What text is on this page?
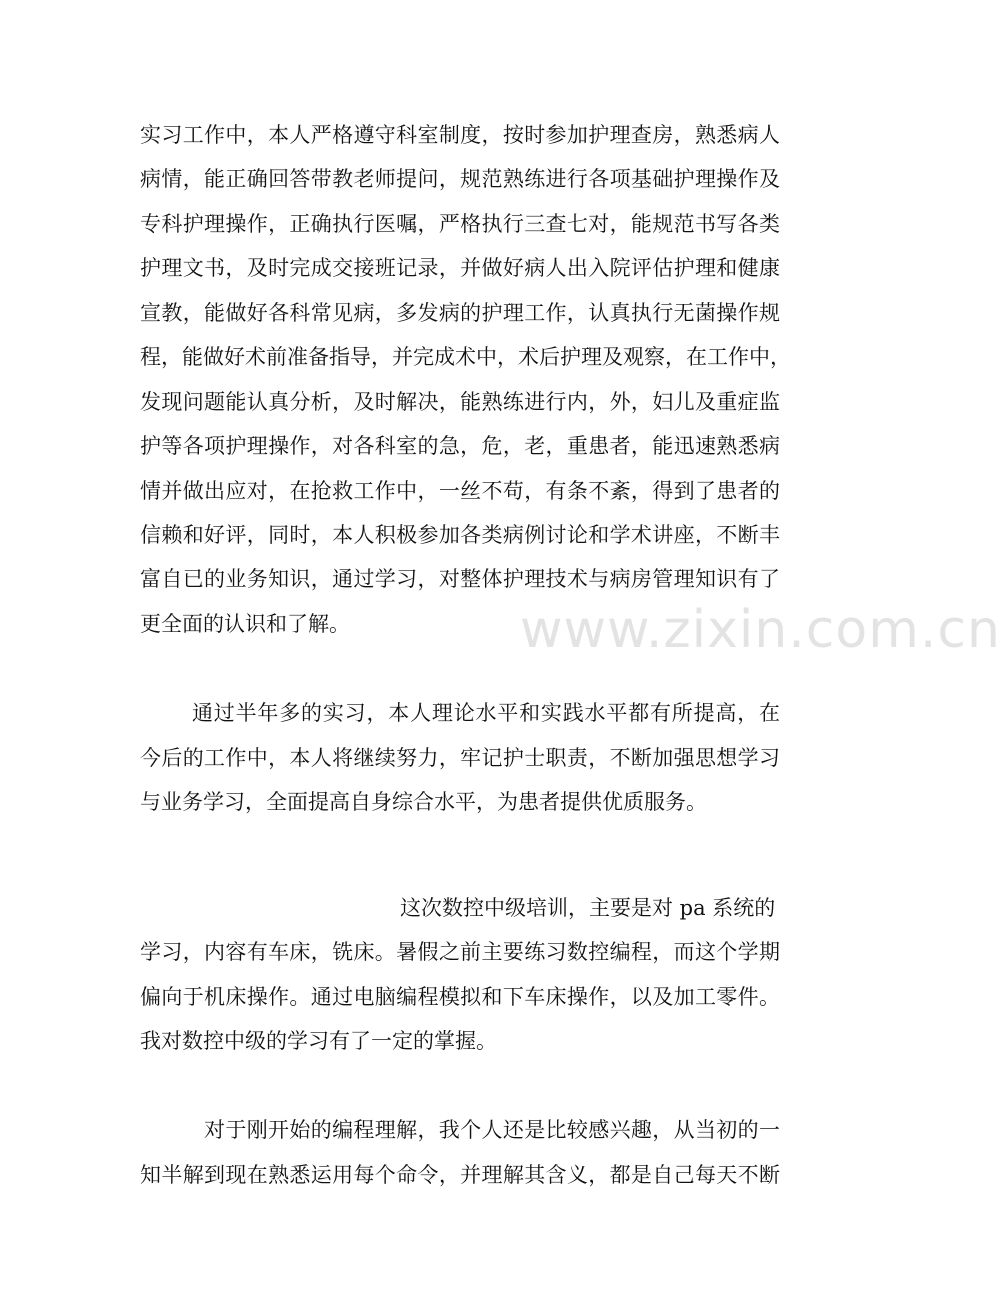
www.zixin.com.cn
实习工作中，本人严格遵守科室制度，按时参加护理查房，熟悉病人
病情，能正确回答带教老师提问，规范熟练进行各项基础护理操作及
专科护理操作，正确执行医嘱，严格执行三查七对，能规范书写各类
护理文书，及时完成交接班记录，并做好病人出入院评估护理和健康
宣教，能做好各科常见病，多发病的护理工作，认真执行无菌操作规
程，能做好术前准备指导，并完成术中，术后护理及观察，在工作中，
发现问题能认真分析，及时解决，能熟练进行内，外，妇儿及重症监
护等各项护理操作，对各科室的急，危，老，重患者，能迅速熟悉病
情并做出应对，在抢救工作中，一丝不苟，有条不紊，得到了患者的
信赖和好评，同时，本人积极参加各类病例讨论和学术讲座，不断丰
富自已的业务知识，通过学习，对整体护理技术与病房管理知识有了
更全面的认识和了解。
通过半年多的实习，本人理论水平和实践水平都有所提高，在
今后的工作中，本人将继续努力，牢记护士职责，不断加强思想学习
与业务学习，全面提高自身综合水平，为患者提供优质服务。
这次数控中级培训，主要是对 pa 系统的
学习，内容有车床，铣床。暑假之前主要练习数控编程，而这个学期
偏向于机床操作。通过电脑编程模拟和下车床操作，以及加工零件。
我对数控中级的学习有了一定的掌握。
对于刚开始的编程理解，我个人还是比较感兴趣，从当初的一
知半解到现在熟悉运用每个命令，并理解其含义，都是自己每天不断
